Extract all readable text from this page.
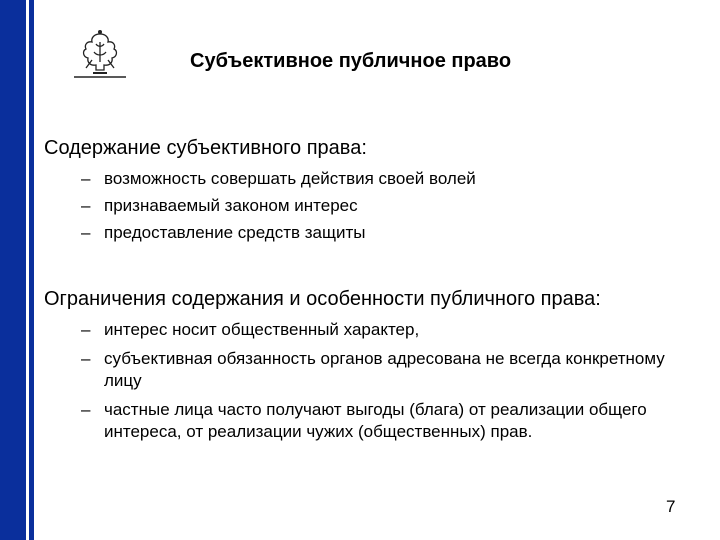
Субъективное публичное право
Содержание субъективного права:
– возможность совершать действия своей волей
– признаваемый законом интерес
– предоставление средств защиты
Ограничения содержания и особенности публичного права:
– интерес носит общественный характер,
– субъективная обязанность органов адресована не всегда конкретному лицу
– частные лица часто получают выгоды (блага) от реализации общего интереса, от реализации чужих (общественных) прав.
7
